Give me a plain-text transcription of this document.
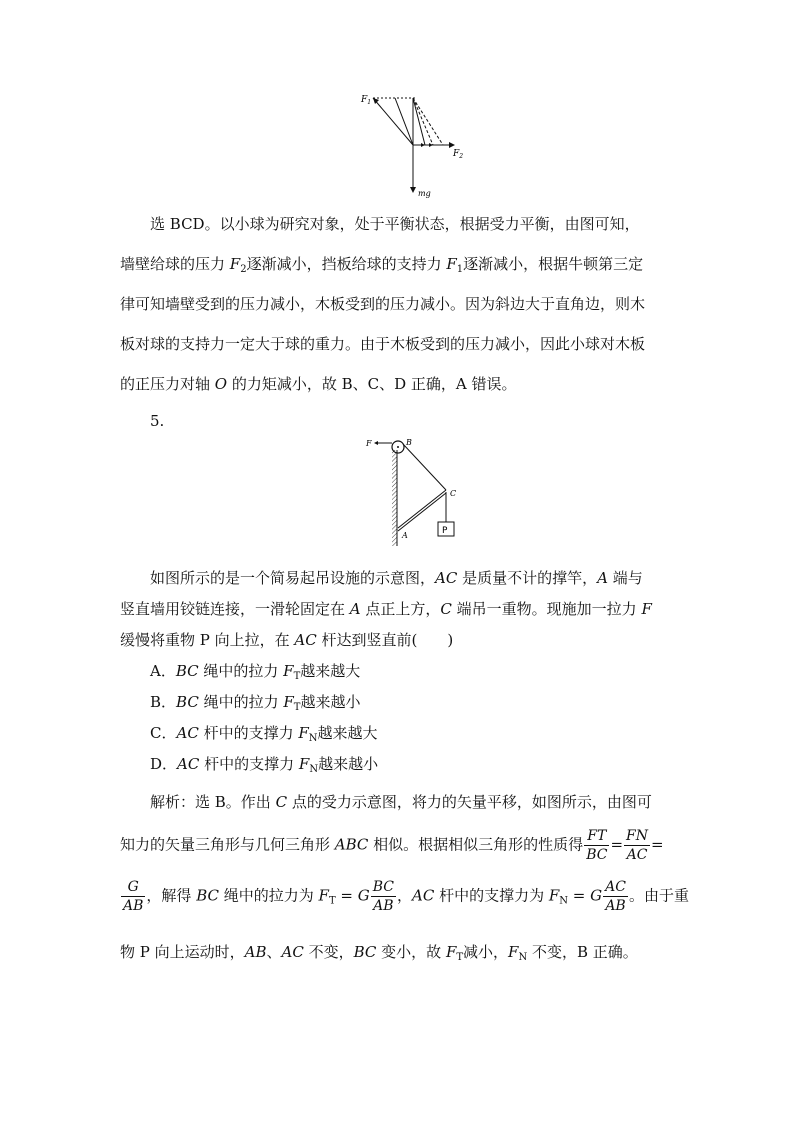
$F_1$
$F_2$
mg
选 BCD。以小球为研究对象，处于平衡状态，根据受力平衡，由图可知，
墙壁给球的压力 $F_2$逐渐减小，挡板给球的支持力 $F_1$逐渐减小，根据牛顿第三定
律可知墙壁受到的压力减小，木板受到的压力减小。因为斜边大于直角边，则木
板对球的支持力一定大于球的重力。由于木板受到的压力减小，因此小球对木板
的正压力对轴 O 的力矩减小，故 B、C、D 正确，A 错误。
5.
F	B
C
P
A
如图所示的是一个简易起吊设施的示意图，AC 是质量不计的撑竿，A 端与
竖直墙用铰链连接，一滑轮固定在 A 点正上方，C 端吊一重物。现施加一拉力 F
缓慢将重物 P 向上拉，在 AC 杆达到竖直前(　　)
A．BC 绳中的拉力 $F_T$越来越大
B．BC 绳中的拉力 $F_T$越来越小
C．AC 杆中的支撑力 $F_N$越来越大
D．AC 杆中的支撑力 $F_N$越来越小
解析：选 B。作出 C 点的受力示意图，将力的矢量平移，如图所示，由图可
知力的矢量三角形与几何三角形 ABC 相似。根据相似三角形的性质得 $\frac{FT}{BC} = \frac{FN}{AC}$ =
$\frac{G}{AB}$ ，解得 BC 绳中的拉力为 $F_T = G \frac{BC}{AB}$ ，AC 杆中的支撑力为 $F_N = G \frac{AC}{AB}$ 。由于重
物 P 向上运动时，AB、AC 不变，BC 变小，故 $F_T$减小，$F_N$ 不变，B 正确。
